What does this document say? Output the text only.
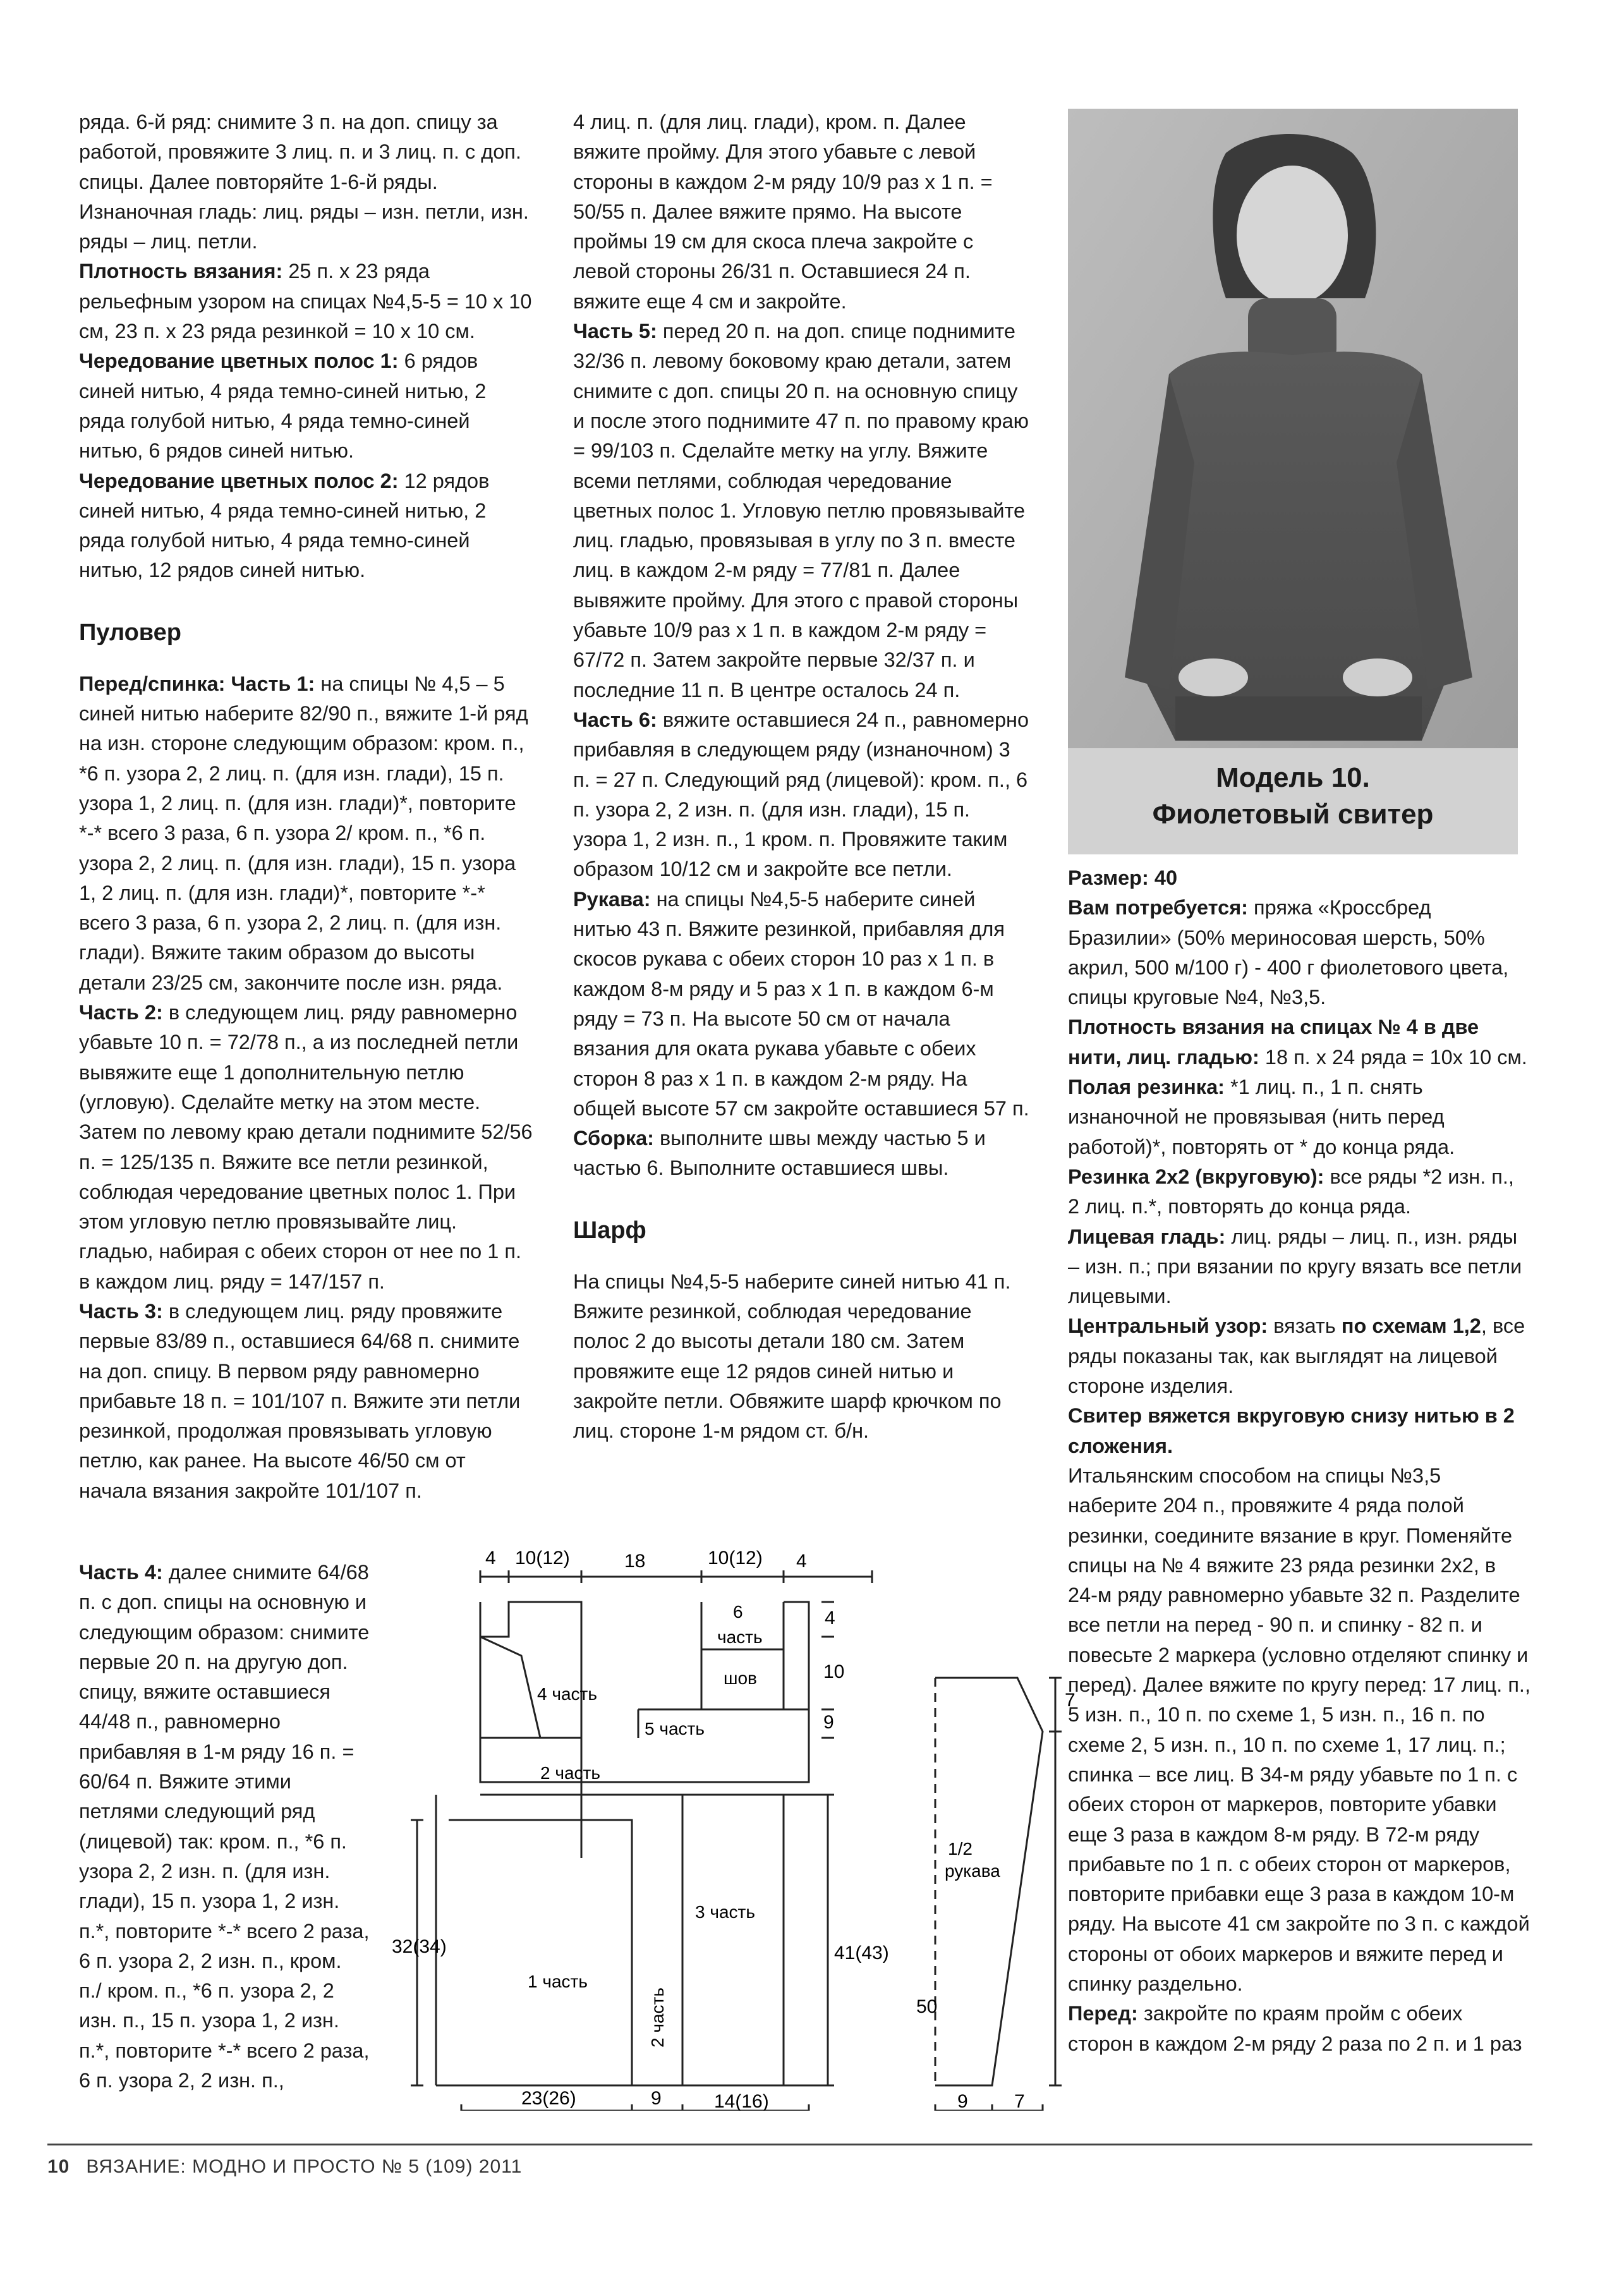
ряда. 6-й ряд: снимите 3 п. на доп. спицу за работой, провяжите 3 лиц. п. и 3 лиц. п. с доп. спицы. Далее повторяйте 1-6-й ряды.

Изнаночная гладь: лиц. ряды – изн. петли, изн. ряды – лиц. петли.

Плотность вязания: 25 п. х 23 ряда рельефным узором на спицах №4,5-5 = 10 х 10 см, 23 п. х 23 ряда резинкой = 10 х 10 см.

Чередование цветных полос 1: 6 рядов синей нитью, 4 ряда темно-синей нитью, 2 ряда голубой нитью, 4 ряда темно-синей нитью, 6 рядов синей нитью.

Чередование цветных полос 2: 12 рядов синей нитью, 4 ряда темно-синей нитью, 2 ряда голубой нитью, 4 ряда темно-синей нитью, 12 рядов синей нитью.

Пуловер

Перед/спинка: Часть 1: на спицы № 4,5 – 5 синей нитью наберите 82/90 п., вяжите 1-й ряд на изн. стороне следующим образом: кром. п., *6 п. узора 2, 2 лиц. п. (для изн. глади), 15 п. узора 1, 2 лиц. п. (для изн. глади)*, повторите *-* всего 3 раза, 6 п. узора 2/ кром. п., *6 п. узора 2, 2 лиц. п. (для изн. глади), 15 п. узора 1, 2 лиц. п. (для изн. глади)*, повторите *-* всего 3 раза, 6 п. узора 2, 2 лиц. п. (для изн. глади). Вяжите таким образом до высоты детали 23/25 см, закончите после изн. ряда.

Часть 2: в следующем лиц. ряду равномерно убавьте 10 п. = 72/78 п., а из последней петли вывяжите еще 1 дополнительную петлю (угловую). Сделайте метку на этом месте. Затем по левому краю детали поднимите 52/56 п. = 125/135 п. Вяжите все петли резинкой, соблюдая чередование цветных полос 1. При этом угловую петлю провязывайте лиц. гладью, набирая с обеих сторон от нее по 1 п. в каждом лиц. ряду = 147/157 п.

Часть 3: в следующем лиц. ряду провяжите первые 83/89 п., оставшиеся 64/68 п. снимите на доп. спицу. В первом ряду равномерно прибавьте 18 п. = 101/107 п. Вяжите эти петли резинкой, продолжая провязывать угловую петлю, как ранее. На высоте 46/50 см от начала вязания закройте 101/107 п.

Часть 4: далее снимите 64/68 п. с доп. спицы на основную и следующим образом: снимите первые 20 п. на другую доп. спицу, вяжите оставшиеся 44/48 п., равномерно прибавляя в 1-м ряду 16 п. = 60/64 п. Вяжите этими петлями следующий ряд (лицевой) так: кром. п., *6 п. узора 2, 2 изн. п. (для изн. глади), 15 п. узора 1, 2 изн. п.*, повторите *-* всего 2 раза, 6 п. узора 2, 2 изн. п., кром. п./ кром. п., *6 п. узора 2, 2 изн. п., 15 п. узора 1, 2 изн. п.*, повторите *-* всего 2 раза, 6 п. узора 2, 2 изн. п.,

4 лиц. п. (для лиц. глади), кром. п. Далее вяжите пройму. Для этого убавьте с левой стороны в каждом 2-м ряду 10/9 раз х 1 п. = 50/55 п. Далее вяжите прямо. На высоте проймы 19 см для скоса плеча закройте с левой стороны 26/31 п. Оставшиеся 24 п. вяжите еще 4 см и закройте.

Часть 5: перед 20 п. на доп. спице поднимите 32/36 п. левому боковому краю детали, затем снимите с доп. спицы 20 п. на основную спицу и после этого поднимите 47 п. по правому краю = 99/103 п. Сделайте метку на углу. Вяжите всеми петлями, соблюдая чередование цветных полос 1. Угловую петлю провязывайте лиц. гладью, провязывая в углу по 3 п. вместе лиц. в каждом 2-м ряду = 77/81 п. Далее вывяжите пройму. Для этого с правой стороны убавьте 10/9 раз х 1 п. в каждом 2-м ряду = 67/72 п. Затем закройте первые 32/37 п. и последние 11 п. В центре осталось 24 п.

Часть 6: вяжите оставшиеся 24 п., равномерно прибавляя в следующем ряду (изнаночном) 3 п. = 27 п. Следующий ряд (лицевой): кром. п., 6 п. узора 2, 2 изн. п. (для изн. глади), 15 п. узора 1, 2 изн. п., 1 кром. п. Провяжите таким образом 10/12 см и закройте все петли.

Рукава: на спицы №4,5-5 наберите синей нитью 43 п. Вяжите резинкой, прибавляя для скосов рукава с обеих сторон 10 раз х 1 п. в каждом 8-м ряду и 5 раз х 1 п. в каждом 6-м ряду = 73 п. На высоте 50 см от начала вязания для оката рукава убавьте с обеих сторон 8 раз х 1 п. в каждом 2-м ряду. На общей высоте 57 см закройте оставшиеся 57 п.

Сборка: выполните швы между частью 5 и частью 6. Выполните оставшиеся швы.

Шарф

На спицы №4,5-5 наберите синей нитью 41 п. Вяжите резинкой, соблюдая чередование полос 2 до высоты детали 180 см. Затем провяжите еще 12 рядов синей нитью и закройте петли. Обвяжите шарф крючком по лиц. стороне 1-м рядом ст. б/н.

Модель 10.
Фиолетовый свитер

Размер: 40

Вам потребуется: пряжа «Кроссбред Бразилии» (50% мериносовая шерсть, 50% акрил, 500 м/100 г) - 400 г фиолетового цвета, спицы круговые №4, №3,5.

Плотность вязания на спицах № 4 в две нити, лиц. гладью: 18 п. х 24 ряда = 10х 10 см.

Полая резинка: *1 лиц. п., 1 п. снять изнаночной не провязывая (нить перед работой)*, повторять от * до конца ряда.

Резинка 2х2 (вкруговую): все ряды *2 изн. п., 2 лиц. п.*, повторять до конца ряда.

Лицевая гладь: лиц. ряды – лиц. п., изн. ряды – изн. п.; при вязании по кругу вязать все петли лицевыми.

Центральный узор: вязать по схемам 1,2, все ряды показаны так, как выглядят на лицевой стороне изделия.

Свитер вяжется вкруговую снизу нитью в 2 сложения.

Итальянским способом на спицы №3,5 наберите 204 п., провяжите 4 ряда полой резинки, соедините вязание в круг. Поменяйте спицы на № 4 вяжите 23 ряда резинки 2х2, в 24-м ряду равномерно убавьте 32 п. Разделите все петли на перед - 90 п. и спинку - 82 п. и повесьте 2 маркера (условно отделяют спинку и перед). Далее вяжите по кругу перед: 17 лиц. п., 5 изн. п., 10 п. по схеме 1, 5 изн. п., 16 п. по схеме 2, 5 изн. п., 10 п. по схеме 1, 17 лиц. п.; спинка – все лиц. В 34-м ряду убавьте по 1 п. с обеих сторон от маркеров, повторите убавки еще 3 раза в каждом 8-м ряду. В 72-м ряду прибавьте по 1 п. с обеих сторон от маркеров, повторите прибавки еще 3 раза в каждом 10-м ряду. На высоте 41 см закройте по 3 п. с каждой стороны от обоих маркеров и вяжите перед и спинку раздельно.

Перед: закройте по краям пройм с обеих сторон в каждом 2-м ряду 2 раза по 2 п. и 1 раз

4 10(12)	18	10(12) 4
4
10
9
50
32(34)	41(43)
23(26)	9	14(16)
7
9 7
4 часть
6
часть
шов
5 часть
2 часть
3 часть
1 часть
2 часть
1/2
рукава
10 ВЯЗАНИЕ: МОДНО И ПРОСТО № 5 (109) 2011
